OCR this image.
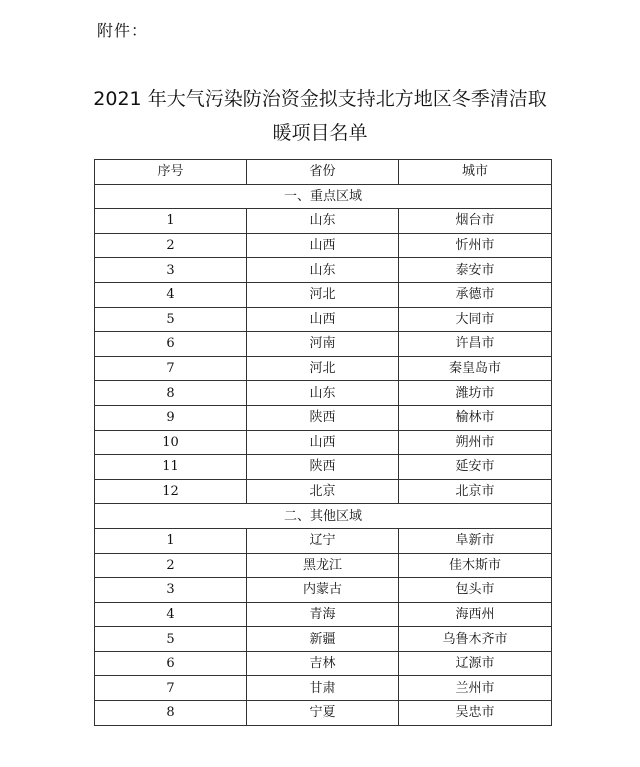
附件：
2021 年大气污染防治资金拟支持北方地区冬季清洁取
暖项目名单
序号	省份	城市
一、重点区域		
1	山东	烟台市
2	山西	忻州市
3	山东	泰安市
4	河北	承德市
5	山西	大同市
6	河南	许昌市
7	河北	秦皇岛市
8	山东	潍坊市
9	陕西	榆林市
10	山西	朔州市
11	陕西	延安市
12	北京	北京市
二、其他区域		
1	辽宁	阜新市
2	黑龙江	佳木斯市
3	内蒙古	包头市
4	青海	海西州
5	新疆	乌鲁木齐市
6	吉林	辽源市
7	甘肃	兰州市
8	宁夏	吴忠市
